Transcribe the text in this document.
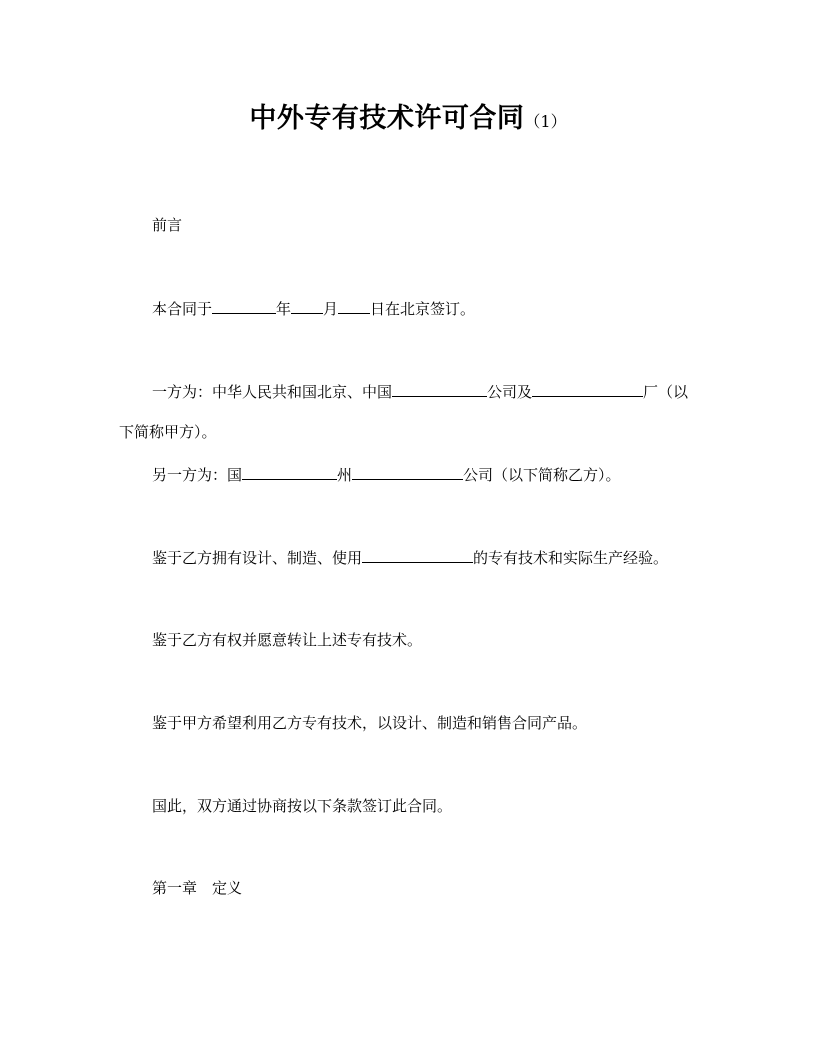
中外专有技术许可合同（1）
前言
本合同于	年 月 日在北京签订。
一方为：中华人民共和国北京、中国	公司及	厂（以
下简称甲方）。
另一方为：国	州	公司（以下简称乙方）。
鉴于乙方拥有设计、制造、使用	的专有技术和实际生产经验。
鉴于乙方有权并愿意转让上述专有技术。
鉴于甲方希望利用乙方专有技术，以设计、制造和销售合同产品。
国此，双方通过协商按以下条款签订此合同。
第一章　定义
